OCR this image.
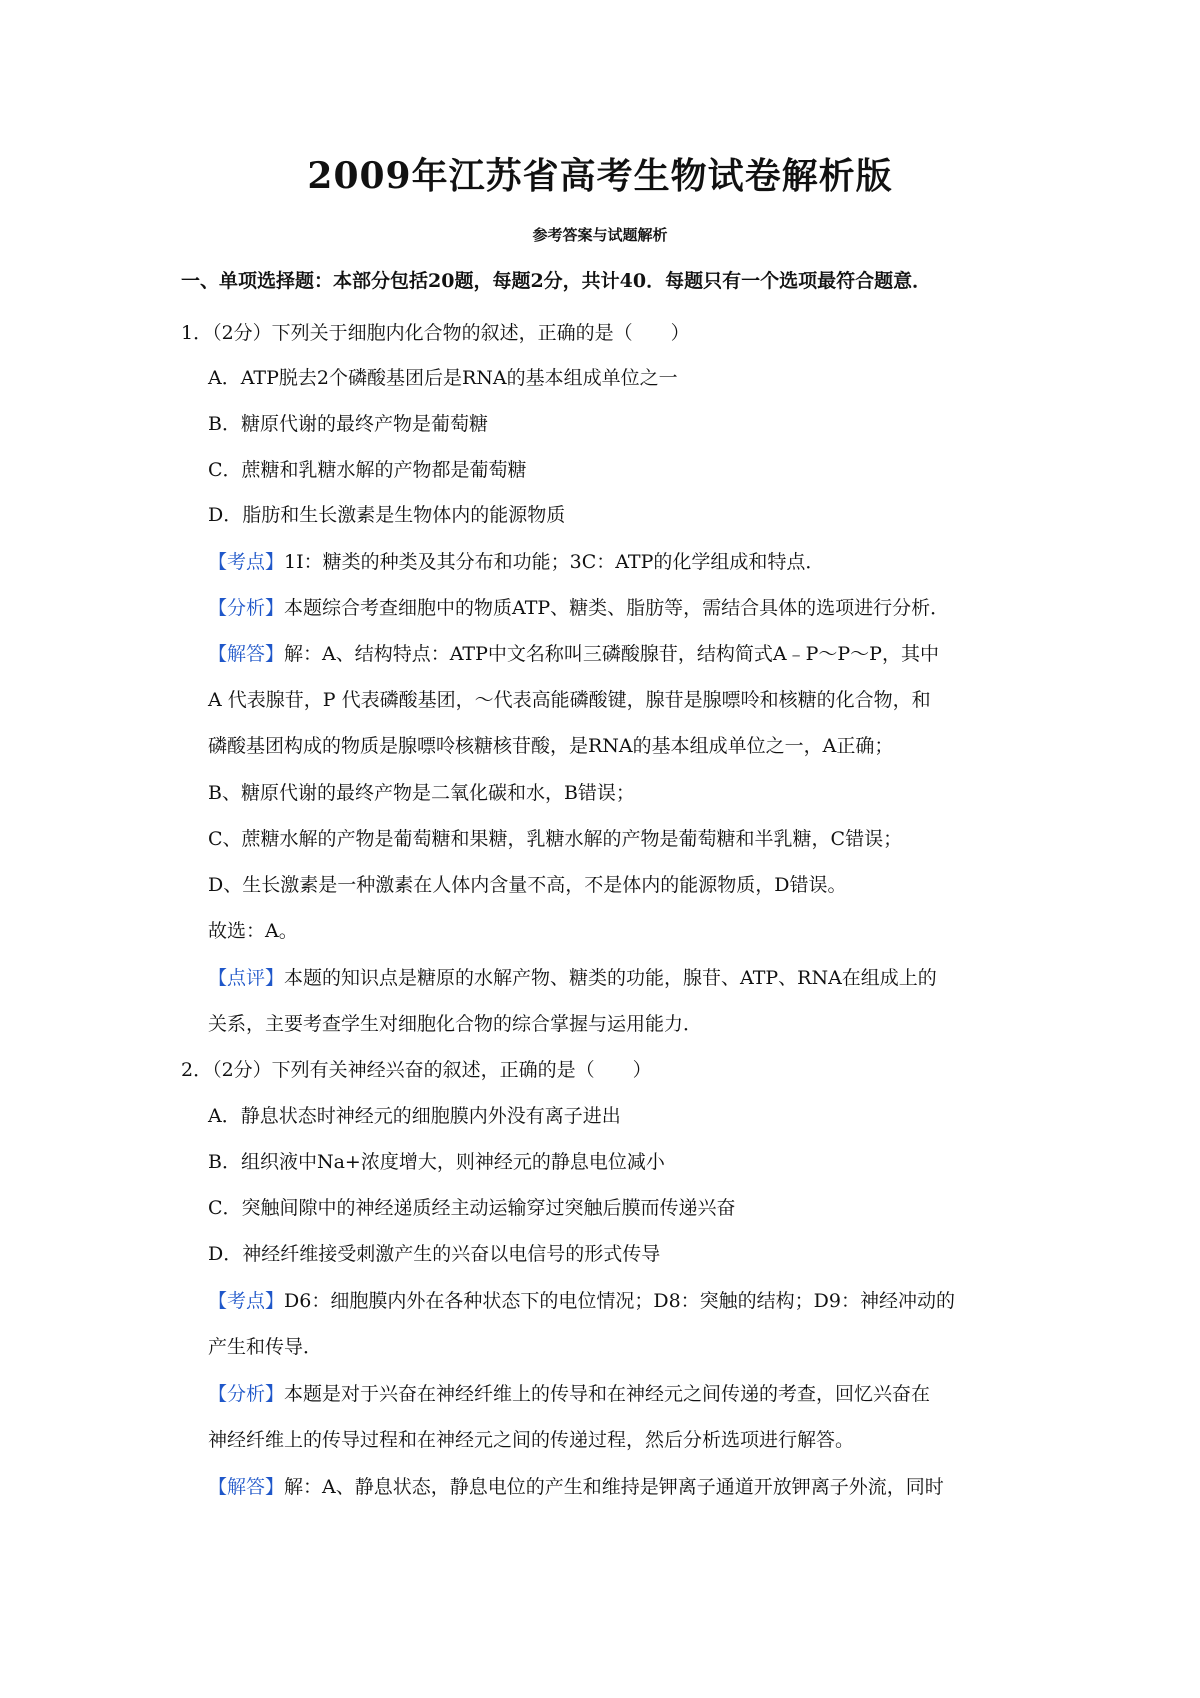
2009年江苏省高考生物试卷解析版
参考答案与试题解析
一、单项选择题：本部分包括20题，每题2分，共计40．每题只有一个选项最符合题意．
1．（2分）下列关于细胞内化合物的叙述，正确的是（　　）
A．ATP脱去2个磷酸基团后是RNA的基本组成单位之一
B．糖原代谢的最终产物是葡萄糖
C．蔗糖和乳糖水解的产物都是葡萄糖
D．脂肪和生长激素是生物体内的能源物质
【考点】1I：糖类的种类及其分布和功能；3C：ATP的化学组成和特点．
【分析】本题综合考查细胞中的物质ATP、糖类、脂肪等，需结合具体的选项进行分析．
【解答】解：A、结构特点：ATP中文名称叫三磷酸腺苷，结构简式A﹣P～P～P，其中
A 代表腺苷，P 代表磷酸基团，～代表高能磷酸键，腺苷是腺嘌呤和核糖的化合物，和
磷酸基团构成的物质是腺嘌呤核糖核苷酸，是RNA的基本组成单位之一，A正确；
B、糖原代谢的最终产物是二氧化碳和水，B错误；
C、蔗糖水解的产物是葡萄糖和果糖，乳糖水解的产物是葡萄糖和半乳糖，C错误；
D、生长激素是一种激素在人体内含量不高，不是体内的能源物质，D错误。
故选：A。
【点评】本题的知识点是糖原的水解产物、糖类的功能，腺苷、ATP、RNA在组成上的
关系，主要考查学生对细胞化合物的综合掌握与运用能力．
2．（2分）下列有关神经兴奋的叙述，正确的是（　　）
A．静息状态时神经元的细胞膜内外没有离子进出
B．组织液中Na+浓度增大，则神经元的静息电位减小
C．突触间隙中的神经递质经主动运输穿过突触后膜而传递兴奋
D．神经纤维接受刺激产生的兴奋以电信号的形式传导
【考点】D6：细胞膜内外在各种状态下的电位情况；D8：突触的结构；D9：神经冲动的
产生和传导．
【分析】本题是对于兴奋在神经纤维上的传导和在神经元之间传递的考查，回忆兴奋在
神经纤维上的传导过程和在神经元之间的传递过程，然后分析选项进行解答。
【解答】解：A、静息状态，静息电位的产生和维持是钾离子通道开放钾离子外流，同时
